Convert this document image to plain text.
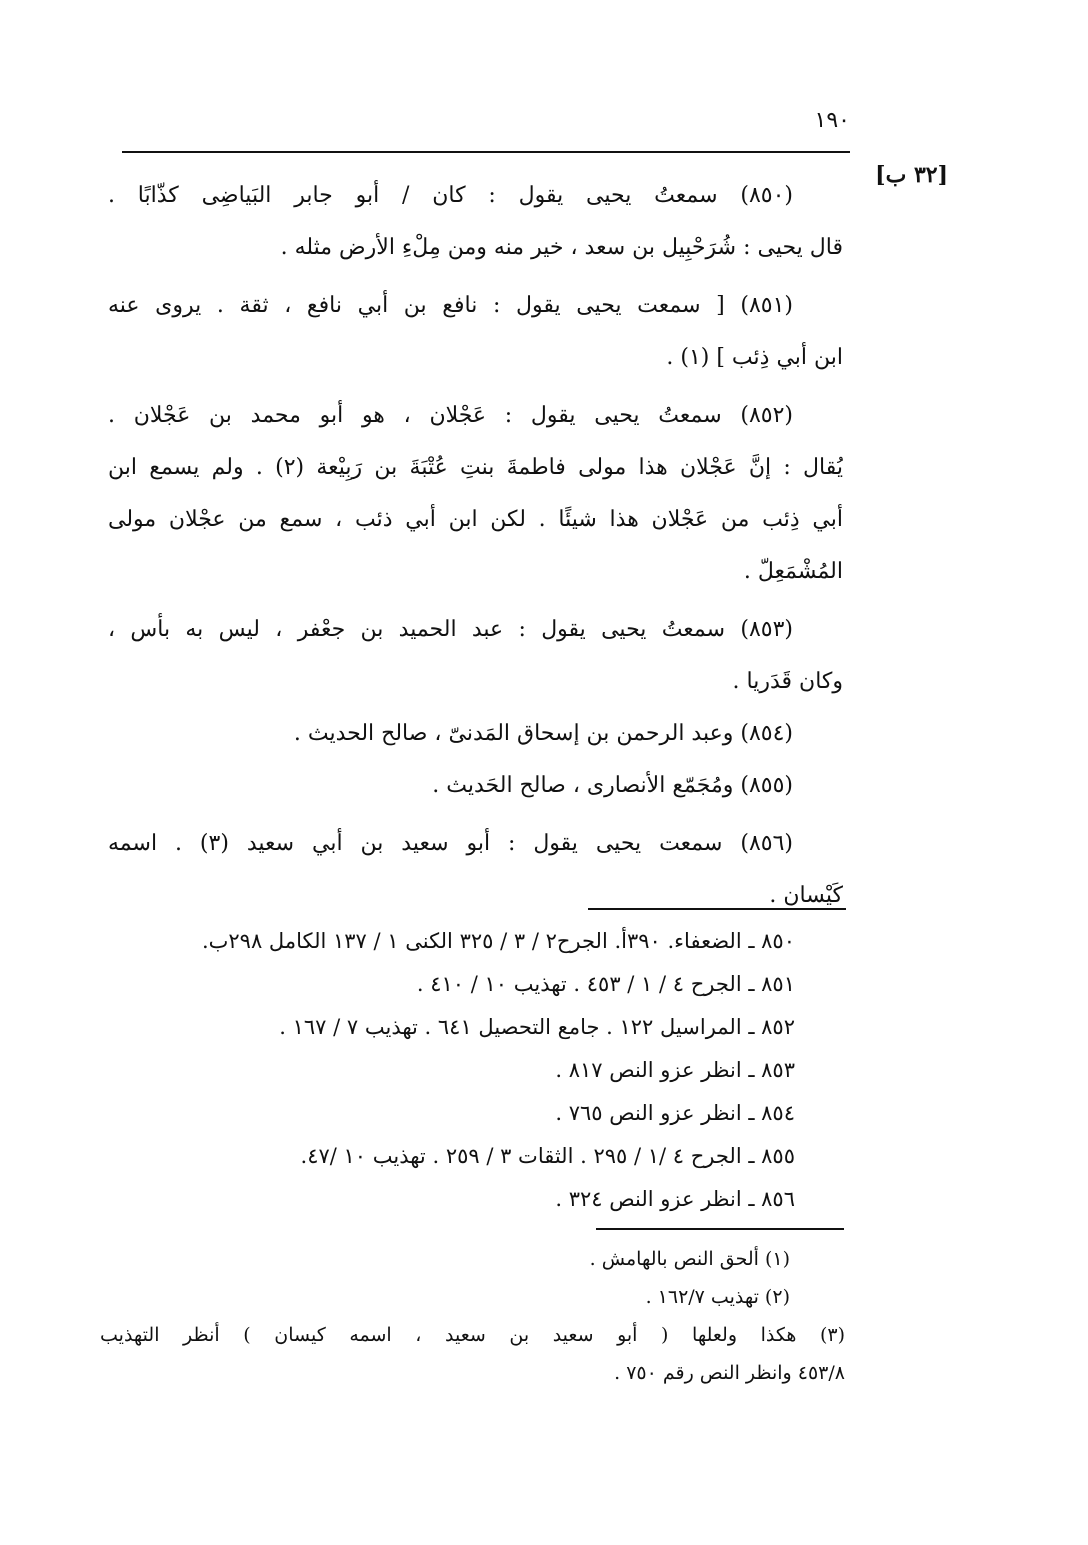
١٩٠
[٣٢ ب]
(٨٥٠) سمعتُ يحيى يقول : كان / أبو جابر البَياضِى كذّابًا .
قال يحيى : شُرَحْبِيل بن سعد ، خير منه ومن مِلْءِ الأرض مثله .
(٨٥١) [ سمعت يحيى يقول : نافع بن أبي نافع ، ثقة . يروى عنه
ابن أبي ذِئب ] (١) .
(٨٥٢) سمعتُ يحيى يقول : عَجْلان ، هو أبو محمد بن عَجْلان .
يُقال : إنَّ عَجْلان هذا مولى فاطمةَ بنتِ عُتْبَةَ بن رَبِيْعة (٢) . ولم يسمع ابن
أبي ذِئب من عَجْلان هذا شيئًا . لكن ابن أبي ذئب ، سمع من عجْلان مولى
المُشْمَعِلّ .
(٨٥٣) سمعتُ يحيى يقول : عبد الحميد بن جعْفر ، ليس به بأس ،
وكان قَدَريا .
(٨٥٤) وعبد الرحمن بن إسحاق المَدنىّ ، صالح الحديث .
(٨٥٥) ومُجَمّع الأنصارى ، صالح الحَديث .
(٨٥٦) سمعت يحيى يقول : أبو سعيد بن أبي سعيد (٣) . اسمه
كَيْسان .
٨٥٠ ـ الضعفاء. ٣٩٠أ. الجرح٢ / ٣ / ٣٢٥ الكنى ١ / ١٣٧ الكامل ٢٩٨ب.
٨٥١ ـ الجرح ٤ / ١ / ٤٥٣ . تهذيب ١٠ / ٤١٠ .
٨٥٢ ـ المراسيل ١٢٢ . جامع التحصيل ٦٤١ . تهذيب ٧ / ١٦٧ .
٨٥٣ ـ انظر عزو النص ٨١٧ .
٨٥٤ ـ انظر عزو النص ٧٦٥ .
٨٥٥ ـ الجرح ٤ /١ / ٢٩٥ . الثقات ٣ / ٢٥٩ . تهذيب ١٠ /٤٧.
٨٥٦ ـ انظر عزو النص ٣٢٤ .
(١) ألحق النص بالهامش .
(٢) تهذيب ١٦٢/٧ .
(٣) هكذا ولعلها ( أبو سعيد بن سعيد ، اسمه كيسان ) أنظر التهذيب
٤٥٣/٨ وانظر النص رقم ٧٥٠ .
